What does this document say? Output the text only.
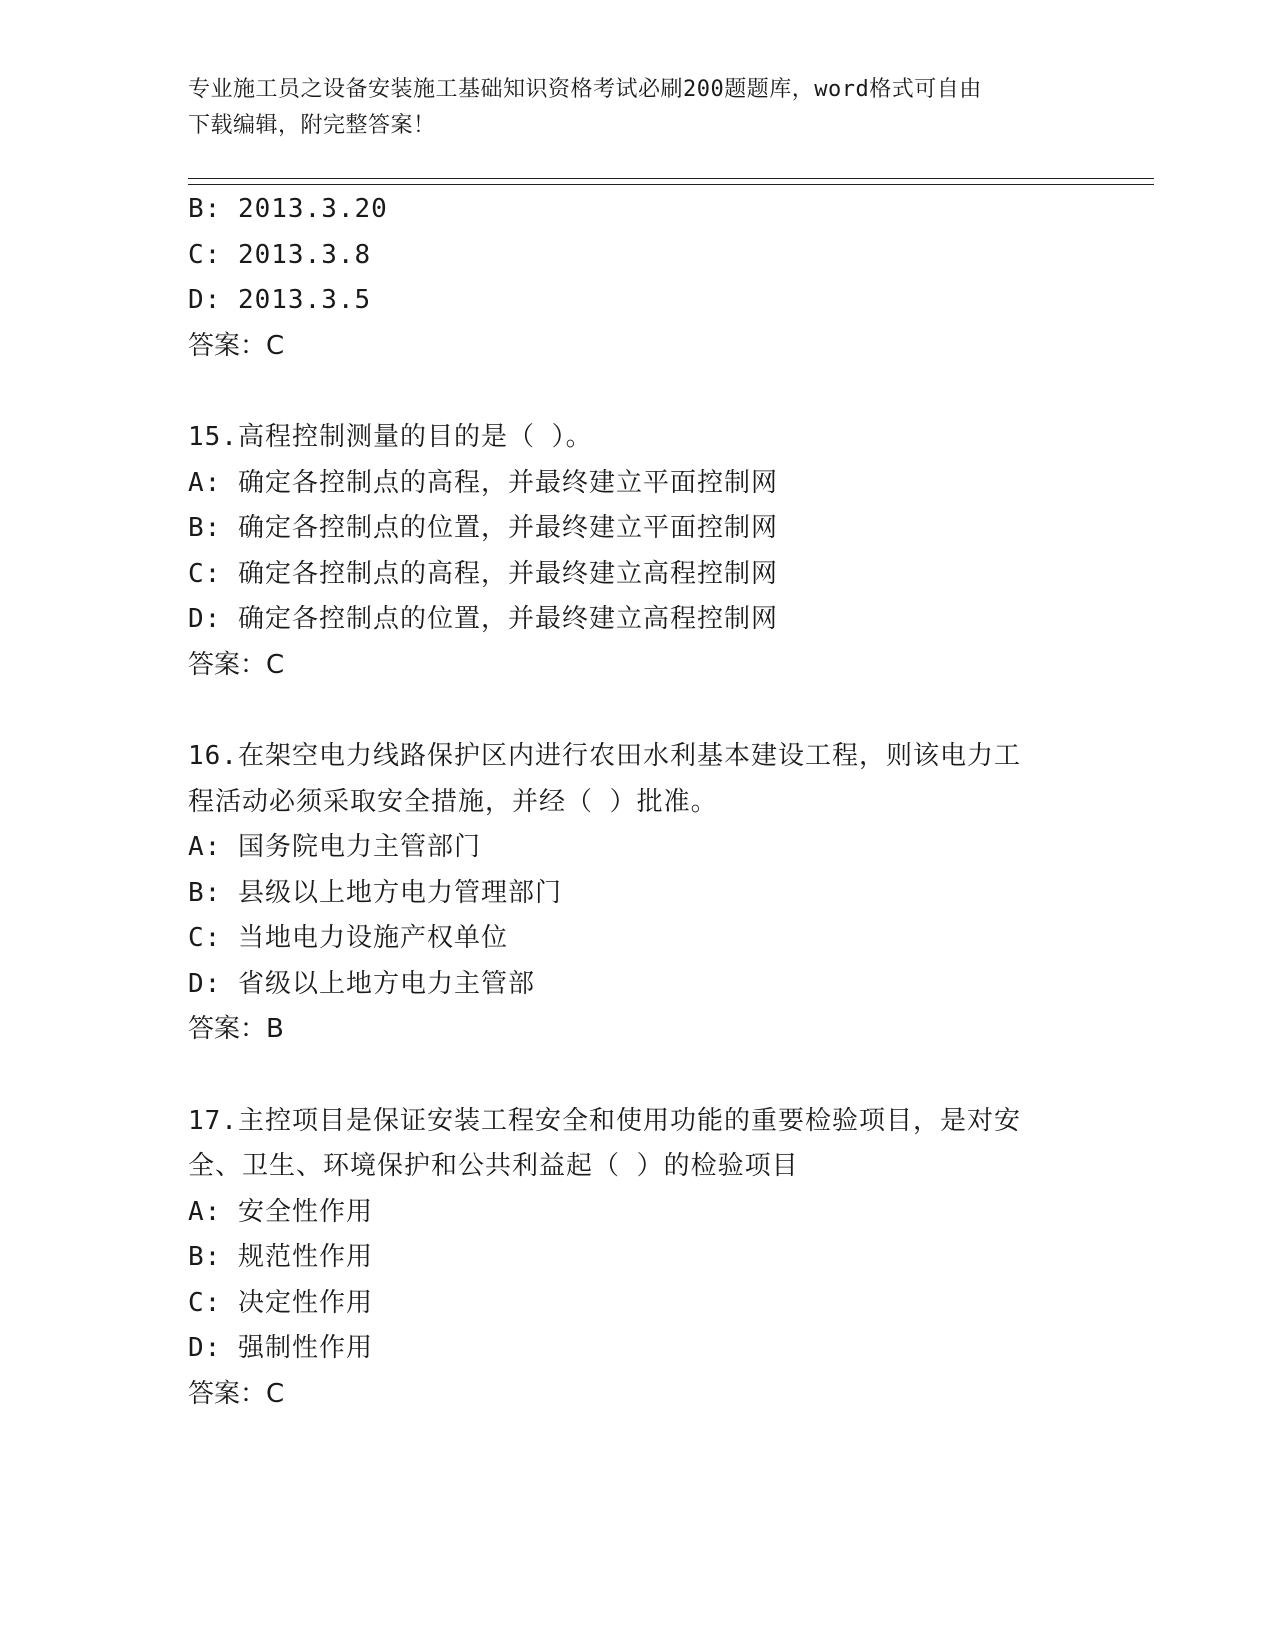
专业施工员之设备安装施工基础知识资格考试必刷200题题库，word格式可自由
下载编辑，附完整答案！
B: 2013.3.20
C: 2013.3.8
D: 2013.3.5
答案：C
15.高程控制测量的目的是（ ）。
A: 确定各控制点的高程，并最终建立平面控制网
B: 确定各控制点的位置，并最终建立平面控制网
C: 确定各控制点的高程，并最终建立高程控制网
D: 确定各控制点的位置，并最终建立高程控制网
答案：C
16.在架空电力线路保护区内进行农田水利基本建设工程，则该电力工
程活动必须采取安全措施，并经（ ）批准。
A: 国务院电力主管部门
B: 县级以上地方电力管理部门
C: 当地电力设施产权单位
D: 省级以上地方电力主管部
答案：B
17.主控项目是保证安装工程安全和使用功能的重要检验项目，是对安
全、卫生、环境保护和公共利益起（ ）的检验项目
A: 安全性作用
B: 规范性作用
C: 决定性作用
D: 强制性作用
答案：C
